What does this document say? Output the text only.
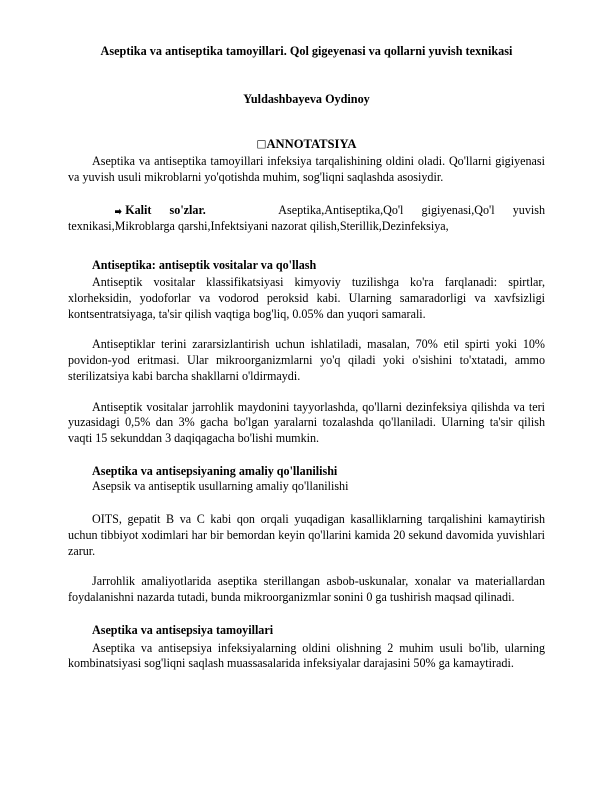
Aseptika va antiseptika tamoyillari. Qol gigeyenasi va qollarni yuvish texnikasi
Yuldashbayeva Oydinoy
□ANNOTATSIYA

Aseptika va antiseptika tamoyillari infeksiya tarqalishining oldini oladi. Qo'llarni gigiyenasi va yuvish usuli mikroblarni yo'qotishda muhim, sog'liqni saqlashda asosiydir.

➡ Kalit so'zlar.	Aseptika,Antiseptika,Qo'l gigiyenasi,Qo'l yuvish texnikasi,Mikroblarga qarshi,Infektsiyani nazorat qilish,Sterillik,Dezinfeksiya,

Antiseptika: antiseptik vositalar va qo'llash

Antiseptik vositalar klassifikatsiyasi kimyoviy tuzilishga ko'ra farqlanadi: spirtlar, xlorheksidin, yodoforlar va vodorod peroksid kabi. Ularning samaradorligi va xavfsizligi kontsentratsiyaga, ta'sir qilish vaqtiga bog'liq, 0.05% dan yuqori samarali.

Antiseptiklar terini zararsizlantirish uchun ishlatiladi, masalan, 70% etil spirti yoki 10% povidon-yod eritmasi. Ular mikroorganizmlarni yo'q qiladi yoki o'sishini to'xtatadi, ammo sterilizatsiya kabi barcha shakllarni o'ldirmaydi.

Antiseptik vositalar jarrohlik maydonini tayyorlashda, qo'llarni dezinfeksiya qilishda va teri yuzasidagi 0,5% dan 3% gacha bo'lgan yaralarni tozalashda qo'llaniladi. Ularning ta'sir qilish vaqti 15 sekunddan 3 daqiqagacha bo'lishi mumkin.

Aseptika va antisepsiyaning amaliy qo'llanilishi
Asepsik va antiseptik usullarning amaliy qo'llanilishi

OITS, gepatit B va C kabi qon orqali yuqadigan kasalliklarning tarqalishini kamaytirish uchun tibbiyot xodimlari har bir bemordan keyin qo'llarini kamida 20 sekund davomida yuvishlari zarur.

Jarrohlik amaliyotlarida aseptika sterillangan asbob-uskunalar, xonalar va materiallardan foydalanishni nazarda tutadi, bunda mikroorganizmlar sonini 0 ga tushirish maqsad qilinadi.

Aseptika va antisepsiya tamoyillari

Aseptika va antisepsiya infeksiyalarning oldini olishning 2 muhim usuli bo'lib, ularning kombinatsiyasi sog'liqni saqlash muassasalarida infeksiyalar darajasini 50% ga kamaytiradi.
